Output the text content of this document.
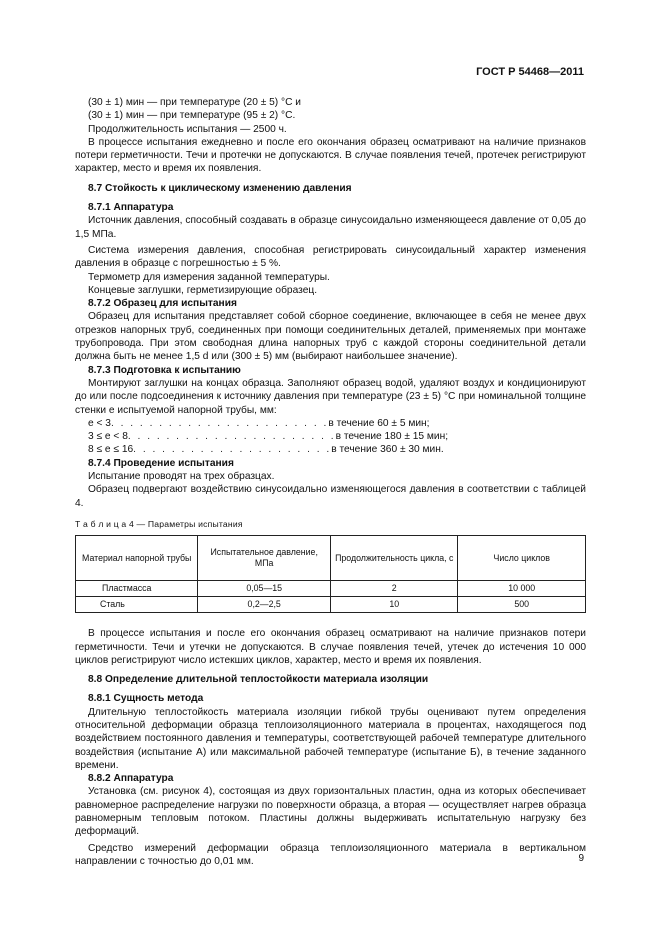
ГОСТ Р 54468—2011

(30 ± 1) мин — при температуре (20 ± 5) °С и

(30 ± 1) мин — при температуре (95 ± 2) °С.

Продолжительность испытания — 2500 ч.

В процессе испытания ежедневно и после его окончания образец осматривают на наличие признаков потери герметичности. Течи и протечки не допускаются. В случае появления течей, протечек регистрируют характер, место и время их появления.

8.7 Стойкость к циклическому изменению давления

8.7.1 Аппаратура

Источник давления, способный создавать в образце синусоидально изменяющееся давление от 0,05 до 1,5 МПа.

Система измерения давления, способная регистрировать синусоидальный характер изменения давления в образце с погрешностью ± 5 %.

Термометр для измерения заданной температуры.

Концевые заглушки, герметизирующие образец.

8.7.2 Образец для испытания

Образец для испытания представляет собой сборное соединение, включающее в себя не менее двух отрезков напорных труб, соединенных при помощи соединительных деталей, применяемых при монтаже трубопровода. При этом свободная длина напорных труб с каждой стороны соединительной детали должна быть не менее 1,5 d или (300 ± 5) мм (выбирают наибольшее значение).

8.7.3 Подготовка к испытанию

Монтируют заглушки на концах образца. Заполняют образец водой, удаляют воздух и кондиционируют до или после подсоединения к источнику давления при температуре (23 ± 5) °С при номинальной толщине стенки e испытуемой напорной трубы, мм:

e < 3 . . . . . . . . . . . . . . . . . . . . . . . в течение 60 ± 5 мин;
3 ≤ e < 8 . . . . . . . . . . . . . . . . . . . . . . в течение 180 ± 15 мин;
8 ≤ e ≤ 16 . . . . . . . . . . . . . . . . . . . . . в течение 360 ± 30 мин.

8.7.4 Проведение испытания

Испытание проводят на трех образцах.

Образец подвергают воздействию синусоидально изменяющегося давления в соответствии с таблицей 4.

Т а б л и ц а 4 — Параметры испытания
Материал напорной трубы	Испытательное давление, МПа	Продолжительность цикла, с	Число циклов
Пластмасса	0,05—15	2	10 000
Сталь	0,2—2,5	10	500

В процессе испытания и после его окончания образец осматривают на наличие признаков потери герметичности. Течи и утечки не допускаются. В случае появления течей, утечек до истечения 10 000 циклов регистрируют число истекших циклов, характер, место и время их появления.

8.8 Определение длительной теплостойкости материала изоляции

8.8.1 Сущность метода

Длительную теплостойкость материала изоляции гибкой трубы оценивают путем определения относительной деформации образца теплоизоляционного материала в процентах, находящегося под воздействием постоянного давления и температуры, соответствующей рабочей температуре длительного воздействия (испытание А) или максимальной рабочей температуре (испытание Б), в течение заданного времени.

8.8.2 Аппаратура

Установка (см. рисунок 4), состоящая из двух горизонтальных пластин, одна из которых обеспечивает равномерное распределение нагрузки по поверхности образца, а вторая — осуществляет нагрев образца равномерным тепловым потоком. Пластины должны выдерживать испытательную нагрузку без деформаций.

Средство измерений деформации образца теплоизоляционного материала в вертикальном направлении с точностью до 0,01 мм.	9
